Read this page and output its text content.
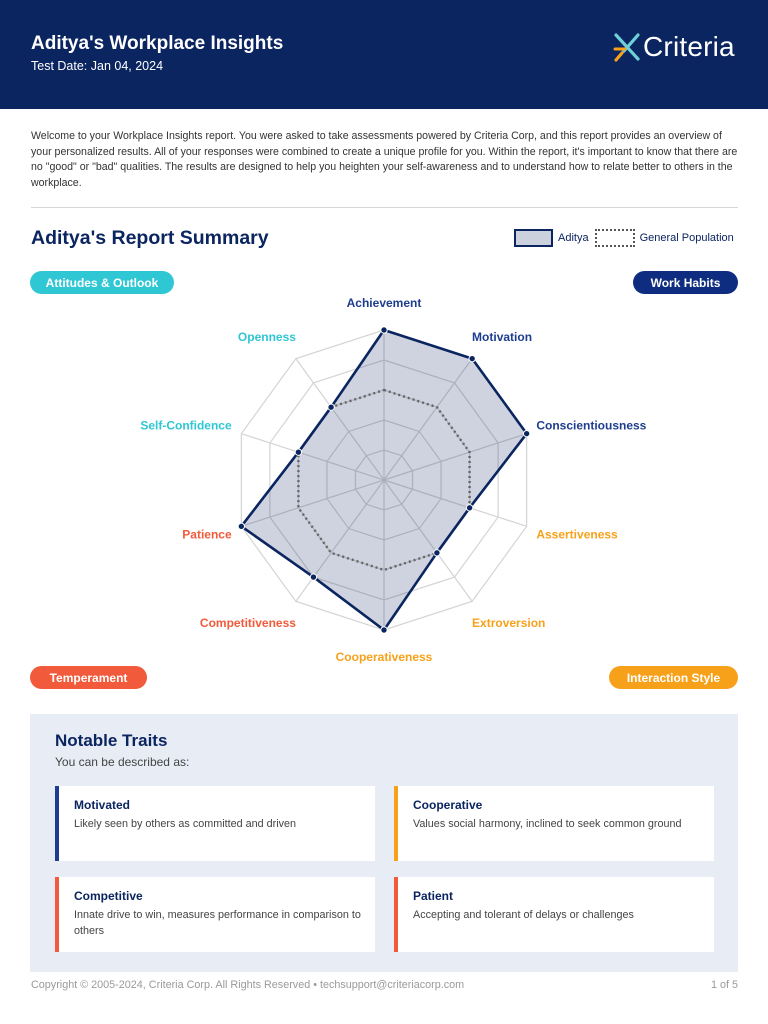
Aditya's Workplace Insights
Test Date: Jan 04, 2024
Criteria

Welcome to your Workplace Insights report. You were asked to take assessments powered by Criteria Corp, and this report provides an overview of your personalized results. All of your responses were combined to create a unique profile for you. Within the report, it's important to know that there are no "good" or "bad" qualities. The results are designed to help you heighten your self-awareness and to understand how to relate better to others in the workplace.

Aditya's Report Summary	Aditya	General Population
Attitudes & Outlook	Work Habits
Temperament	Interaction Style
Achievement
Motivation
Conscientiousness
Assertiveness
Extroversion
Cooperativeness
Competitiveness
Patience
Self-Confidence
Openness
Notable Traits
You can be described as:
Motivated
Likely seen by others as committed and driven
Cooperative
Values social harmony, inclined to seek common ground
Competitive
Innate drive to win, measures performance in comparison to others
Patient
Accepting and tolerant of delays or challenges
Copyright © 2005-2024, Criteria Corp. All Rights Reserved • techsupport@criteriacorp.com	1 of 5
